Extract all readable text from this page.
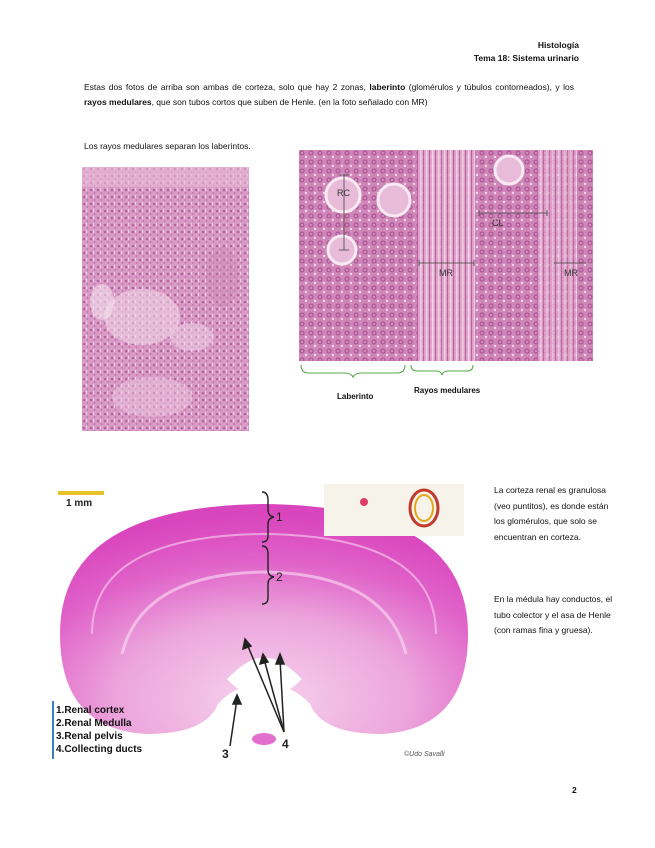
Histología
Tema 18: Sistema urinario
Estas dos fotos de arriba son ambas de corteza, solo que hay 2 zonas, laberinto (glomérulos y túbulos contorneados), y los rayos medulares, que son tubos cortos que suben de Henle. (en la foto señalado con MR)
Los rayos medulares separan los laberintos.
RC
CL
MR	MR
Laberinto
Rayos medulares
1 mm
1
2
3
4
1.Renal cortex
2.Renal Medulla
3.Renal pelvis
4.Collecting ducts	©Udo Savalli
La corteza renal es granulosa (veo puntitos), es donde están los glomérulos, que solo se encuentran en corteza.
En la médula hay conductos, el tubo colector y el asa de Henle (con ramas fina y gruesa).
2
